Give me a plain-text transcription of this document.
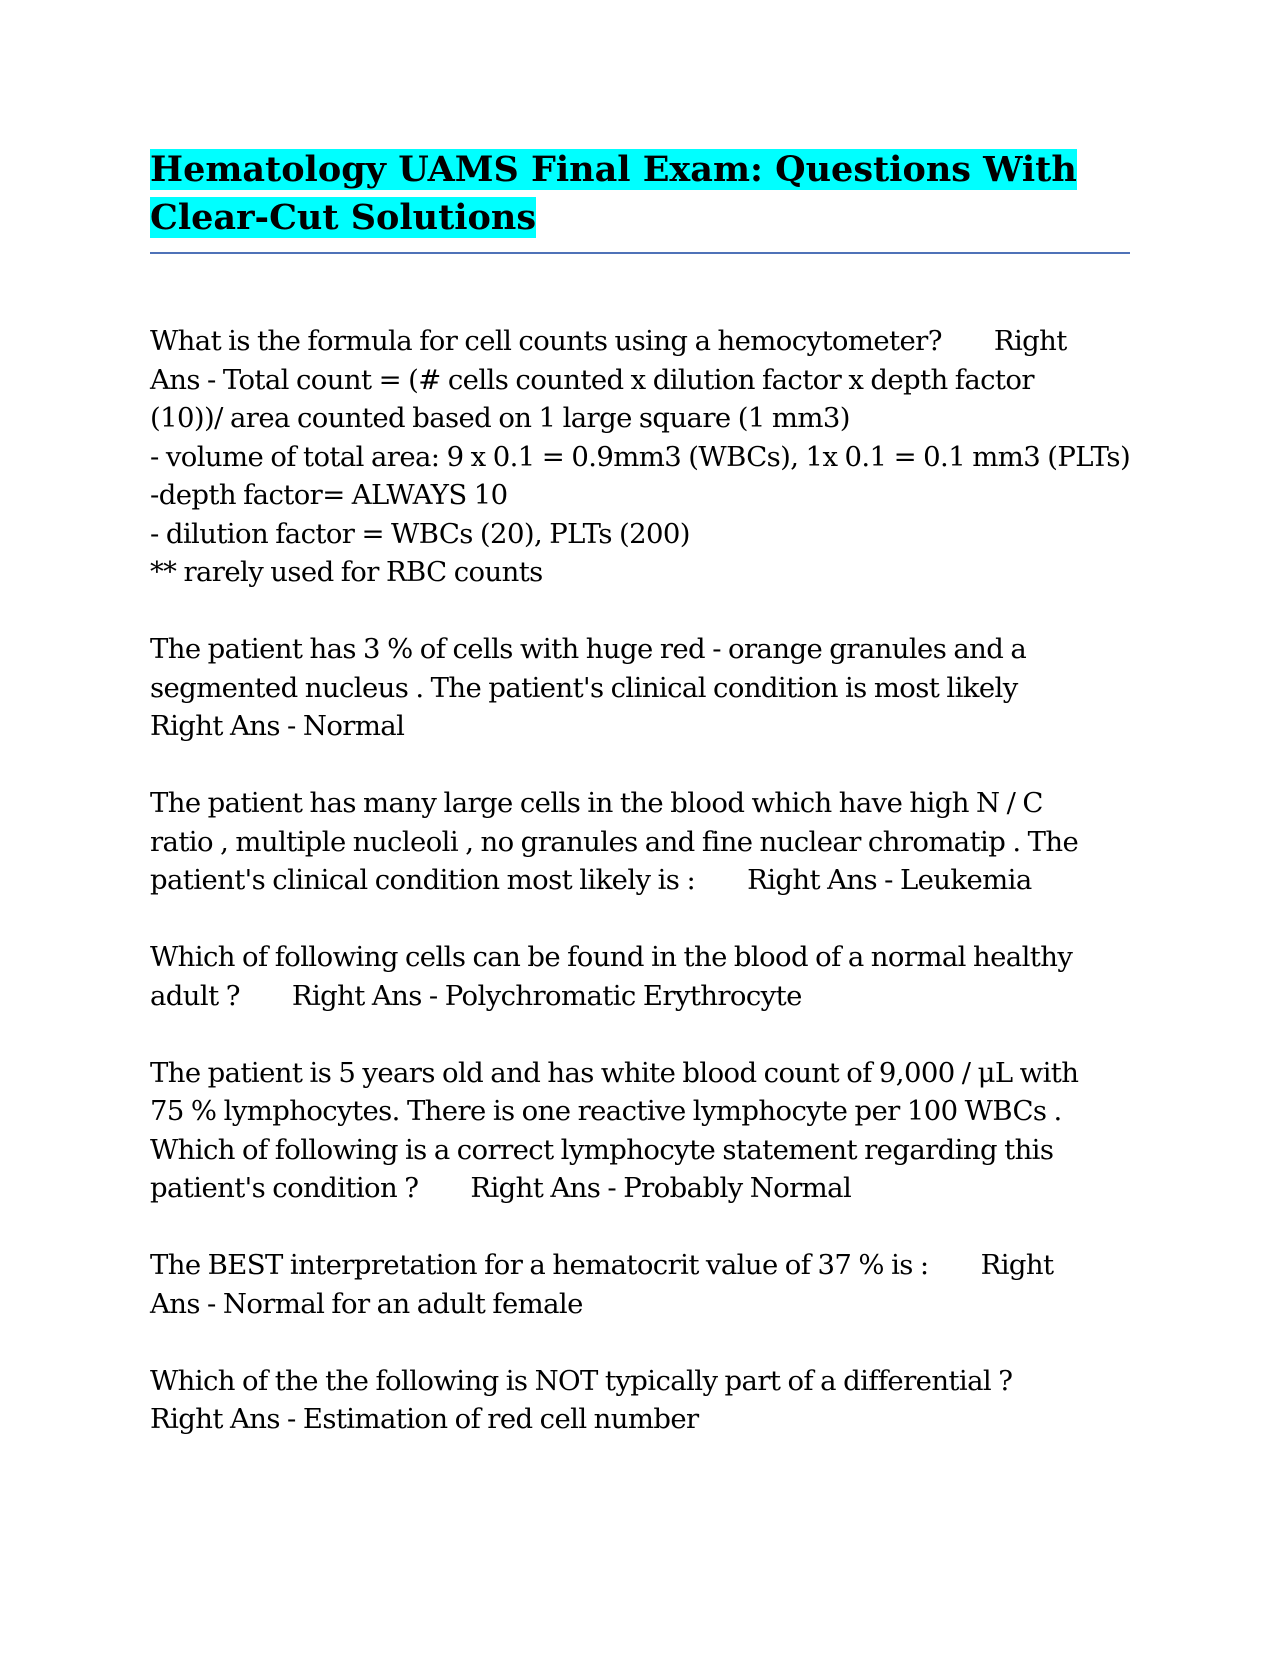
Hematology UAMS Final Exam: Questions With
Clear-Cut Solutions
What is the formula for cell counts using a hemocytometer? Right
Ans - Total count = (# cells counted x dilution factor x depth factor
(10))/ area counted based on 1 large square (1 mm3)
- volume of total area: 9 x 0.1 = 0.9mm3 (WBCs), 1x 0.1 = 0.1 mm3 (PLTs)
-depth factor= ALWAYS 10
- dilution factor = WBCs (20), PLTs (200)
** rarely used for RBC counts
The patient has 3 % of cells with huge red - orange granules and a
segmented nucleus . The patient's clinical condition is most likely
Right Ans - Normal
The patient has many large cells in the blood which have high N / C
ratio , multiple nucleoli , no granules and fine nuclear chromatip . The
patient's clinical condition most likely is : Right Ans - Leukemia
Which of following cells can be found in the blood of a normal healthy
adult ? Right Ans - Polychromatic Erythrocyte
The patient is 5 years old and has white blood count of 9,000 / μL with
75 % lymphocytes. There is one reactive lymphocyte per 100 WBCs .
Which of following is a correct lymphocyte statement regarding this
patient's condition ? Right Ans - Probably Normal
The BEST interpretation for a hematocrit value of 37 % is : Right
Ans - Normal for an adult female
Which of the the following is NOT typically part of a differential ?
Right Ans - Estimation of red cell number
